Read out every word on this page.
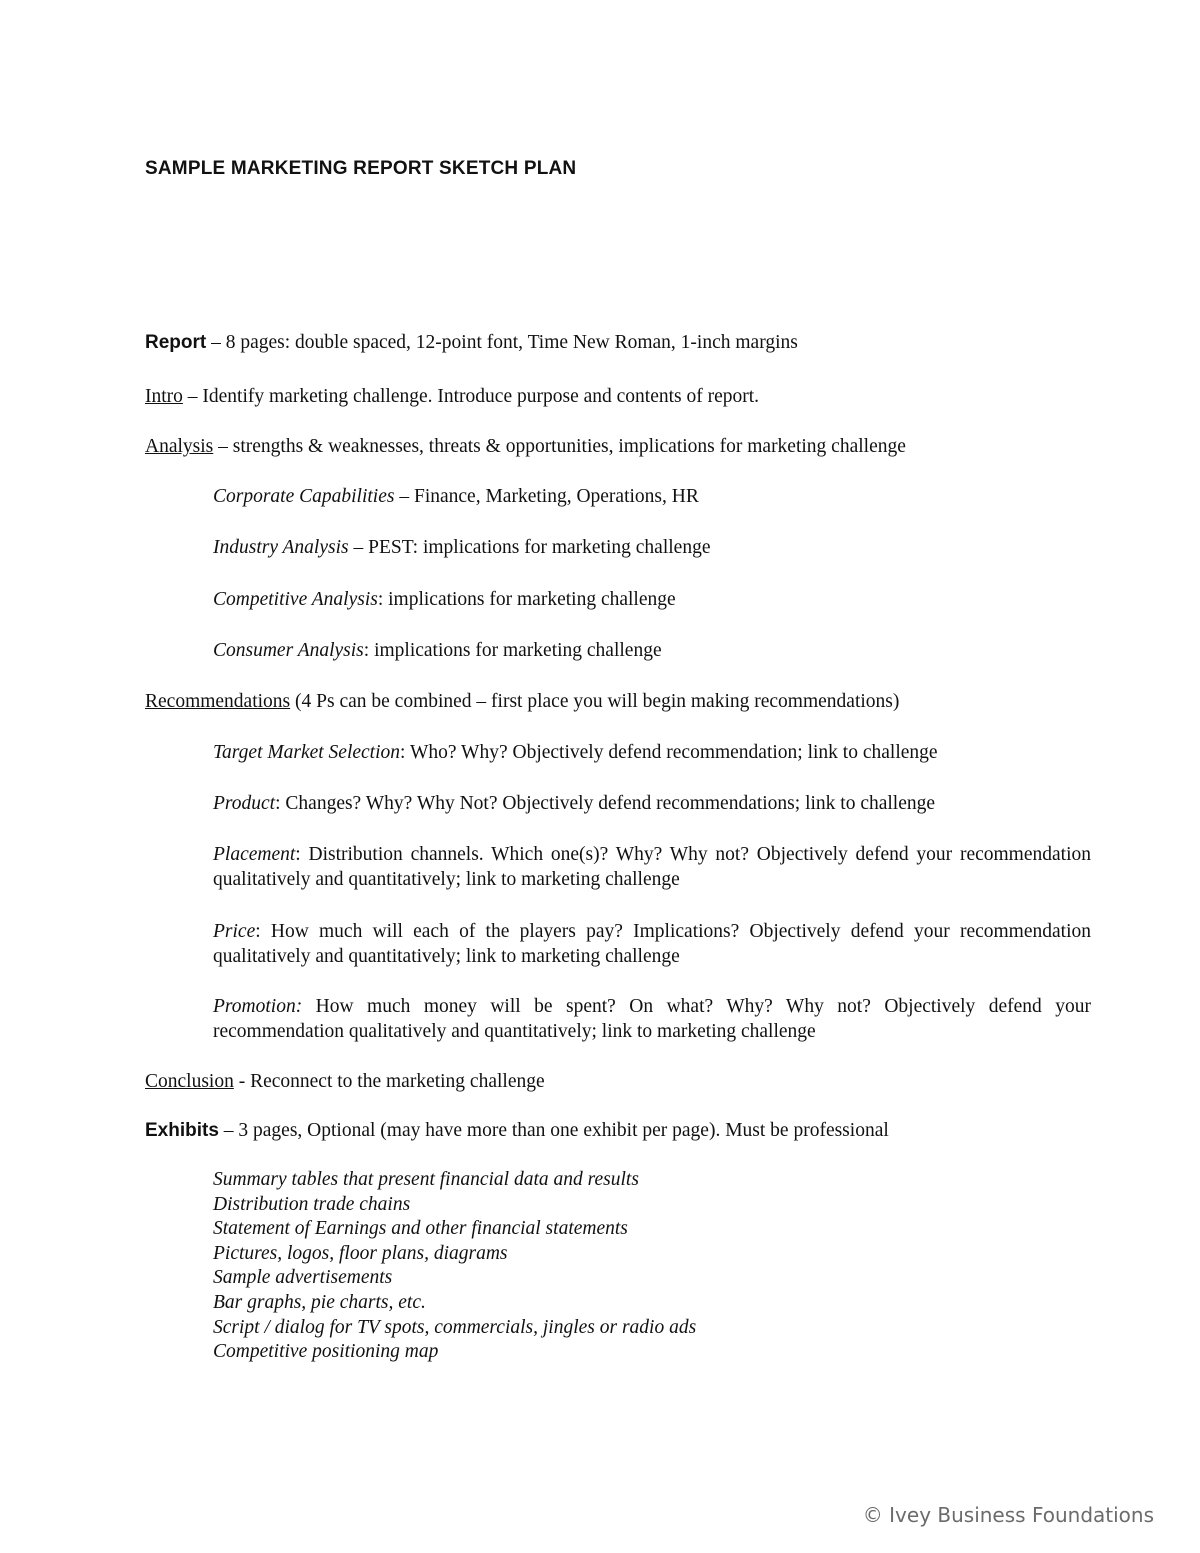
SAMPLE MARKETING REPORT SKETCH PLAN
Report – 8 pages: double spaced, 12-point font, Time New Roman, 1-inch margins
Intro – Identify marketing challenge. Introduce purpose and contents of report.
Analysis – strengths & weaknesses, threats & opportunities, implications for marketing challenge
Corporate Capabilities – Finance, Marketing, Operations, HR
Industry Analysis – PEST: implications for marketing challenge
Competitive Analysis: implications for marketing challenge
Consumer Analysis: implications for marketing challenge
Recommendations (4 Ps can be combined – first place you will begin making recommendations)
Target Market Selection: Who? Why? Objectively defend recommendation; link to challenge
Product: Changes? Why? Why Not? Objectively defend recommendations; link to challenge
Placement: Distribution channels. Which one(s)? Why? Why not? Objectively defend your recommendation qualitatively and quantitatively; link to marketing challenge
Price: How much will each of the players pay? Implications? Objectively defend your recommendation qualitatively and quantitatively; link to marketing challenge
Promotion: How much money will be spent? On what? Why? Why not? Objectively defend your recommendation qualitatively and quantitatively; link to marketing challenge
Conclusion - Reconnect to the marketing challenge
Exhibits – 3 pages, Optional (may have more than one exhibit per page). Must be professional
Summary tables that present financial data and results
Distribution trade chains
Statement of Earnings and other financial statements
Pictures, logos, floor plans, diagrams
Sample advertisements
Bar graphs, pie charts, etc.
Script / dialog for TV spots, commercials, jingles or radio ads
Competitive positioning map
© Ivey Business Foundations
